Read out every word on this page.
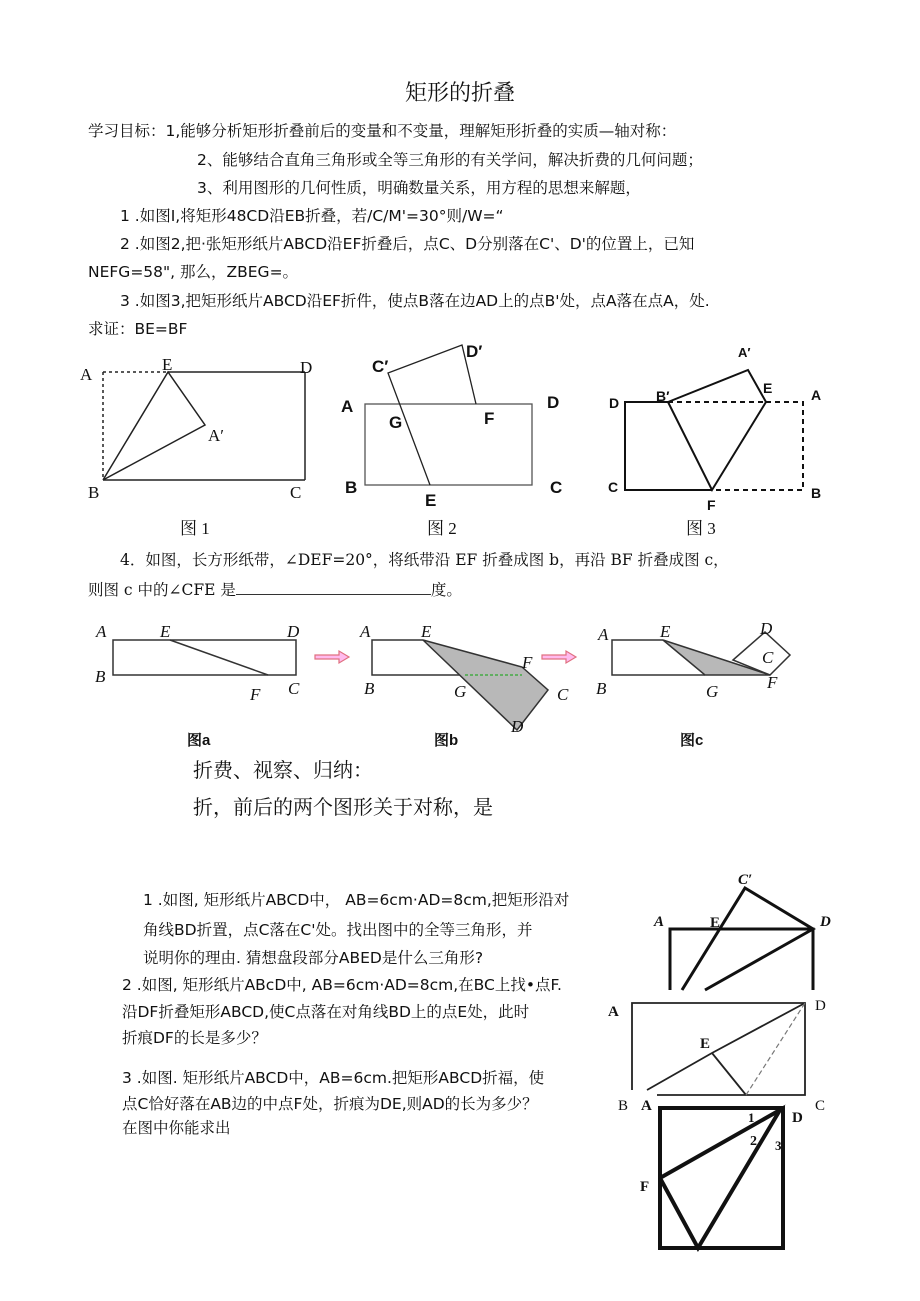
矩形的折叠
学习目标：1,能够分析矩形折叠前后的变量和不变量，理解矩形折叠的实质—轴对称：
2、能够结合直角三角形或全等三角形的有关学问，解决折费的几何问题；
3、利用图形的几何性质，明确数量关系，用方程的思想来解题，
1 .如图I,将矩形48CD沿EB折叠，若/C/M'=30°则/W=“
2 .如图2,把·张矩形纸片ABCD沿EF折叠后，点C、D分别落在C'、D'的位置上，已知
NEFG=58", 那么，ZBEG=。
3 .如图3,把矩形纸片ABCD沿EF折件，使点B落在边AD上的点B'处，点A落在点A，处.
求证：BE=BF
4．如图，长方形纸带，∠DEF=20°，将纸带沿 EF 折叠成图 b，再沿 BF 折叠成图 c，
则图 c 中的∠CFE 是	度。
折费、视察、归纳：
折，前后的两个图形关于对称，是
1 .如图, 矩形纸片ABCD中， AB=6cm·AD=8cm,把矩形沿对
角线BD折置，点C落在C'处。找出图中的全等三角形，并
说明你的理由. 猜想盘段部分ABED是什么三角形?
2 .如图, 矩形纸片ABcD中, AB=6cm·AD=8cm,在BC上找•点F.
沿DF折叠矩形ABCD,使C点落在对角线BD上的点E处，此时
折痕DF的长是多少？
3 .如图. 矩形纸片ABCD中，AB=6cm.把矩形ABCD折福，使
点C恰好落在AB边的中点F处，折痕为DE,则AD的长为多少？
在图中你能求出
A
E	D
A′
B	C
图 1
C′
D′
A	D
G	F
B	C
E
图 2
A′
D	B′	E	A
C
F
B
图 3
A	E	D
B
F C
图a
A	E
F
B	G	C
D
图b
A	E	D
C
B	G	F
图c
C′
A	E	D
A	D
E
B A	C
F
D
1
2 3
